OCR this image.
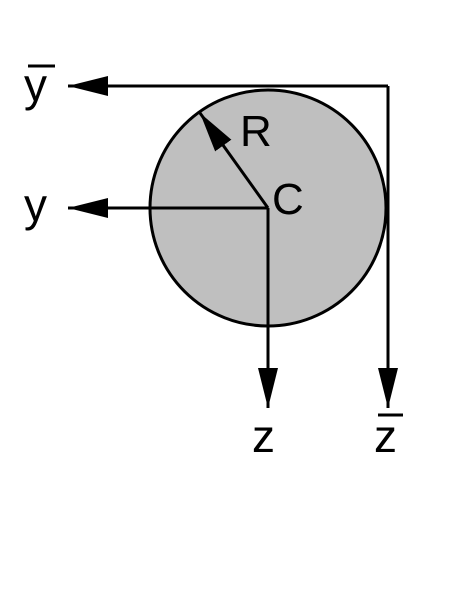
y
y
R
C
z z
